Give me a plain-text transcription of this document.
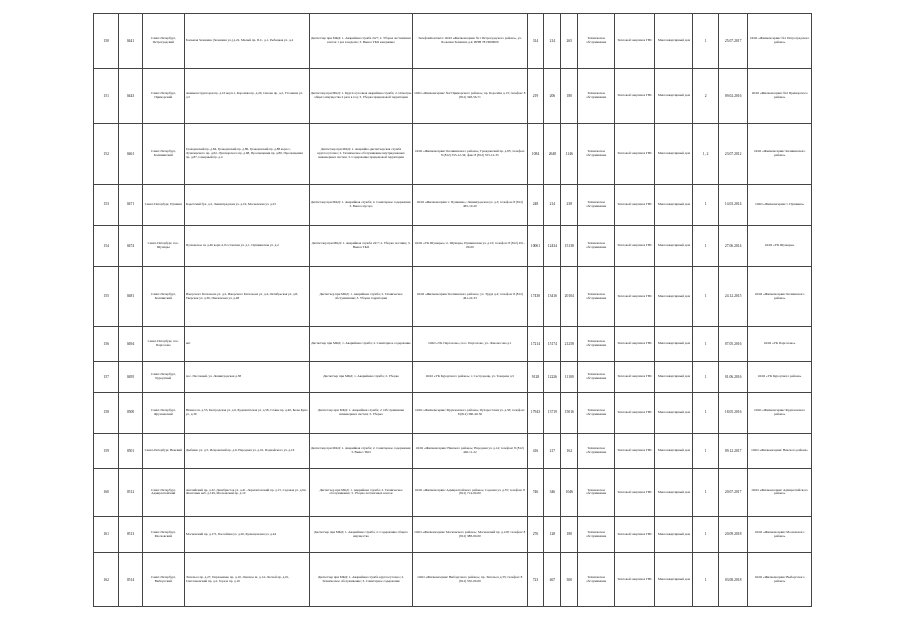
150	0441	Санкт-Петербург, Петроградский	Большая Зеленина (Зеленина ул.) д.22, Малый пр. П.С. д.1, Рыбацкая ул. д.4	Диспетчер при МКД: 1. Аварийная служба 24/7; 2. Уборка лестничных клеток 1 раз в неделю; 3. Вывоз ТКО ежедневно	ТелефонКонтакта: ООО «Жилкомсервис №1 Петроградского района», ул. Большая Зеленина д.4; ИНН 7813000000	314	214	265	Техническое обслуживание	Тепловой энергии и ГВС	Многоквартирный дом	1	25.07.2017	ООО «Жилкомсервис №1 Петроградского района»
151	0443	Санкт-Петербург, Приморский	Авиаконструкторов пр. д.10 корп.1, Королёва пр. д.29, Сизова пр. д.2, Уточкина ул. д.5	Диспетчер при МКД: 1. Круглосуточная аварийная служба; 2. Осмотры общего имущества 2 раза в год; 3. Уборка придомовой территории	ООО «Жилкомсервис №2 Приморского района»; пр. Королёва д.13; телефон: 8 (812) 348-56-71	219	206	180	Техническое обслуживание	Тепловой энергии и ГВС	Многоквартирный дом	2	09.02.2016	ООО «Жилкомсервис №2 Приморского района»
152	0461	Санкт-Петербург, Калининский	Гражданский пр. д.84, Гражданский пр. д.86, Гражданский пр. д.88 корп.1, Луначарского пр. д.62, Луначарского пр. д.68, Просвещения пр. д.80, Просвещения пр. д.87, Северный пр. д.4	Диспетчер при МКД: 1. Аварийно-диспетчерская служба круглосуточно; 2. Техническое обслуживание внутридомовых инженерных систем; 3. Содержание придомовой территории	ООО «Жилкомсервис Калининского района»; Гражданский пр. д.83; телефон: 8 (812) 555-12-34; факс 8 (812) 555-12-35	1084	2648	1146	Техническое обслуживание	Тепловой энергии и ГВС	Многоквартирный дом	1, 2	23.07.2012	ООО «Жилкомсервис Калининского района»
153	0471	Санкт-Петербург, Пушкин	Кадетский бул. д.2, Ленинградская ул. д.19, Московская ул. д.25	Диспетчер при МКД: 1. Аварийная служба; 2. Санитарное содержание; 3. Вывоз мусора	ООО «Жилкомсервис г. Пушкина»; Ленинградская ул. д.3; телефон: 8 (812) 465-10-20	248	214	238	Техническое обслуживание	Тепловой энергии и ГВС	Многоквартирный дом	1	14.03.2014	ООО «Жилкомсервис г. Пушкина»
154	0474	Санкт-Петербург, пос. Шушары	Пулковское ш. д.40 корп.4, Ростовская ул. д.1, Пушкинская ул. д.2	Диспетчер при МКД: 1. Аварийная служба 24/7; 2. Уборка лестниц; 3. Вывоз ТКО	ООО «УК Шушары»; п. Шушары, Пушкинская ул. д.10; телефон: 8 (812) 451-00-00	10061	12434	15138	Техническое обслуживание	Тепловой энергии и ГВС	Многоквартирный дом	1	27.06.2014	ООО «УК Шушары»
155	0481	Санкт-Петербург, Колпинский	Ижорского Батальона ул. д.2, Ижорского Батальона ул. д.4, Октябрьская ул. д.8, Тверская ул. д.36, Павловская ул. д.48	Диспетчер при МКД: 1. Аварийная служба; 2. Техническое обслуживание; 3. Уборка территории	ООО «Жилкомсервис Колпинского района»; ул. Труда д.4; телефон: 8 (812) 461-22-33	17430	13416	20104	Техническое обслуживание	Тепловой энергии и ГВС	Многоквартирный дом	1	24.12.2015	ООО «Жилкомсервис Колпинского района»
156	0494	Санкт-Петербург, пос. Парголово	нет	Диспетчер при МКД: 1. Аварийная служба; 2. Санитарное содержание	ООО «УК Парголово»; пос. Парголово, ул. Ломоносова д.1	17214	15174	21258	Техническое обслуживание	Тепловой энергии и ГВС	Многоквартирный дом	1	07.05.2016	ООО «УК Парголово»
157	0495	Санкт-Петербург, Курортный	пос. Песочный, ул. Ленинградская д.58	Диспетчер при МКД: 1. Аварийная служба; 2. Уборка	ООО «УК Курортного района»; г. Сестрорецк, ул. Токарева д.5	9128	12226	11100	Техническое обслуживание	Тепловой энергии и ГВС	Многоквартирный дом	1	01.06.2016	ООО «УК Курортного района»
158	0500	Санкт-Петербург, Фрунзенский	Южное ш. д.55, Белградская ул. д.6, Будапештская ул. д.58, Славы пр. д.40, Белы Куна ул. д.30	Диспетчер при МКД: 1. Аварийная служба; 2. Обслуживание инженерных систем; 3. Уборка	ООО «Жилкомсервис Фрунзенского района»; Бухарестская ул. д.50; телефон: 8 (812) 360-40-50	17943	13719	15016	Техническое обслуживание	Тепловой энергии и ГВС	Многоквартирный дом	1	18.05.2016	ООО «Жилкомсервис Фрунзенского района»
159	0501	Санкт-Петербург, Невский	Дыбенко ул. д.5, Искровский пр. д.6, Народная ул. д.10, Подвойского ул. д.16	Диспетчер при МКД: 1. Аварийная служба; 2. Санитарное содержание; 3. Вывоз ТКО	ООО «Жилкомсервис Невского района»; Народная ул. д.14; телефон: 8 (812) 446-11-22	416	217	162	Техническое обслуживание	Тепловой энергии и ГВС	Многоквартирный дом	1	09.12.2017	ООО «Жилкомсервис Невского района»
160	0512	Санкт-Петербург, Адмиралтейский	Английский пр. д.32, Декабристов ул. д.41, Лермонтовский пр. д.15, Садовая ул. д.62, Фонтанки наб. д.149, Московский пр. д.10	Диспетчер при МКД: 1. Аварийная служба; 2. Техническое обслуживание; 3. Уборка лестничных клеток	ООО «Жилкомсервис Адмиралтейского района»; Садовая ул. д.55; телефон: 8 (812) 714-00-00	746	346	1046	Техническое обслуживание	Тепловой энергии и ГВС	Многоквартирный дом	1	20.07.2017	ООО «Жилкомсервис Адмиралтейского района»
161	0513	Санкт-Петербург, Московский	Московский пр. д.171, Бассейная ул. д.20, Кузнецовская ул. д.44	Диспетчер при МКД: 1. Аварийная служба; 2. Содержание общего имущества	ООО «Жилкомсервис Московского района»; Московский пр. д.129; телефон: 8 (812) 388-00-00	276	128	180	Техническое обслуживание	Тепловой энергии и ГВС	Многоквартирный дом	1	20.09.2018	ООО «Жилкомсервис Московского района»
162	0514	Санкт-Петербург, Выборгский	Энгельса пр. д.27, Пархоменко пр. д.10, Ланское ш. д.14, Лесной пр. д.61, Светлановский пр. д.2, Тореза пр. д.16	Диспетчер при МКД: 1. Аварийная служба круглосуточно; 2. Техническое обслуживание; 3. Санитарное содержание	ООО «Жилкомсервис Выборгского района»; пр. Энгельса д.33; телефон: 8 (812) 550-00-00	723	467	300	Техническое обслуживание	Тепловой энергии и ГВС	Многоквартирный дом	1	03.08.2018	ООО «Жилкомсервис Выборгского района»
